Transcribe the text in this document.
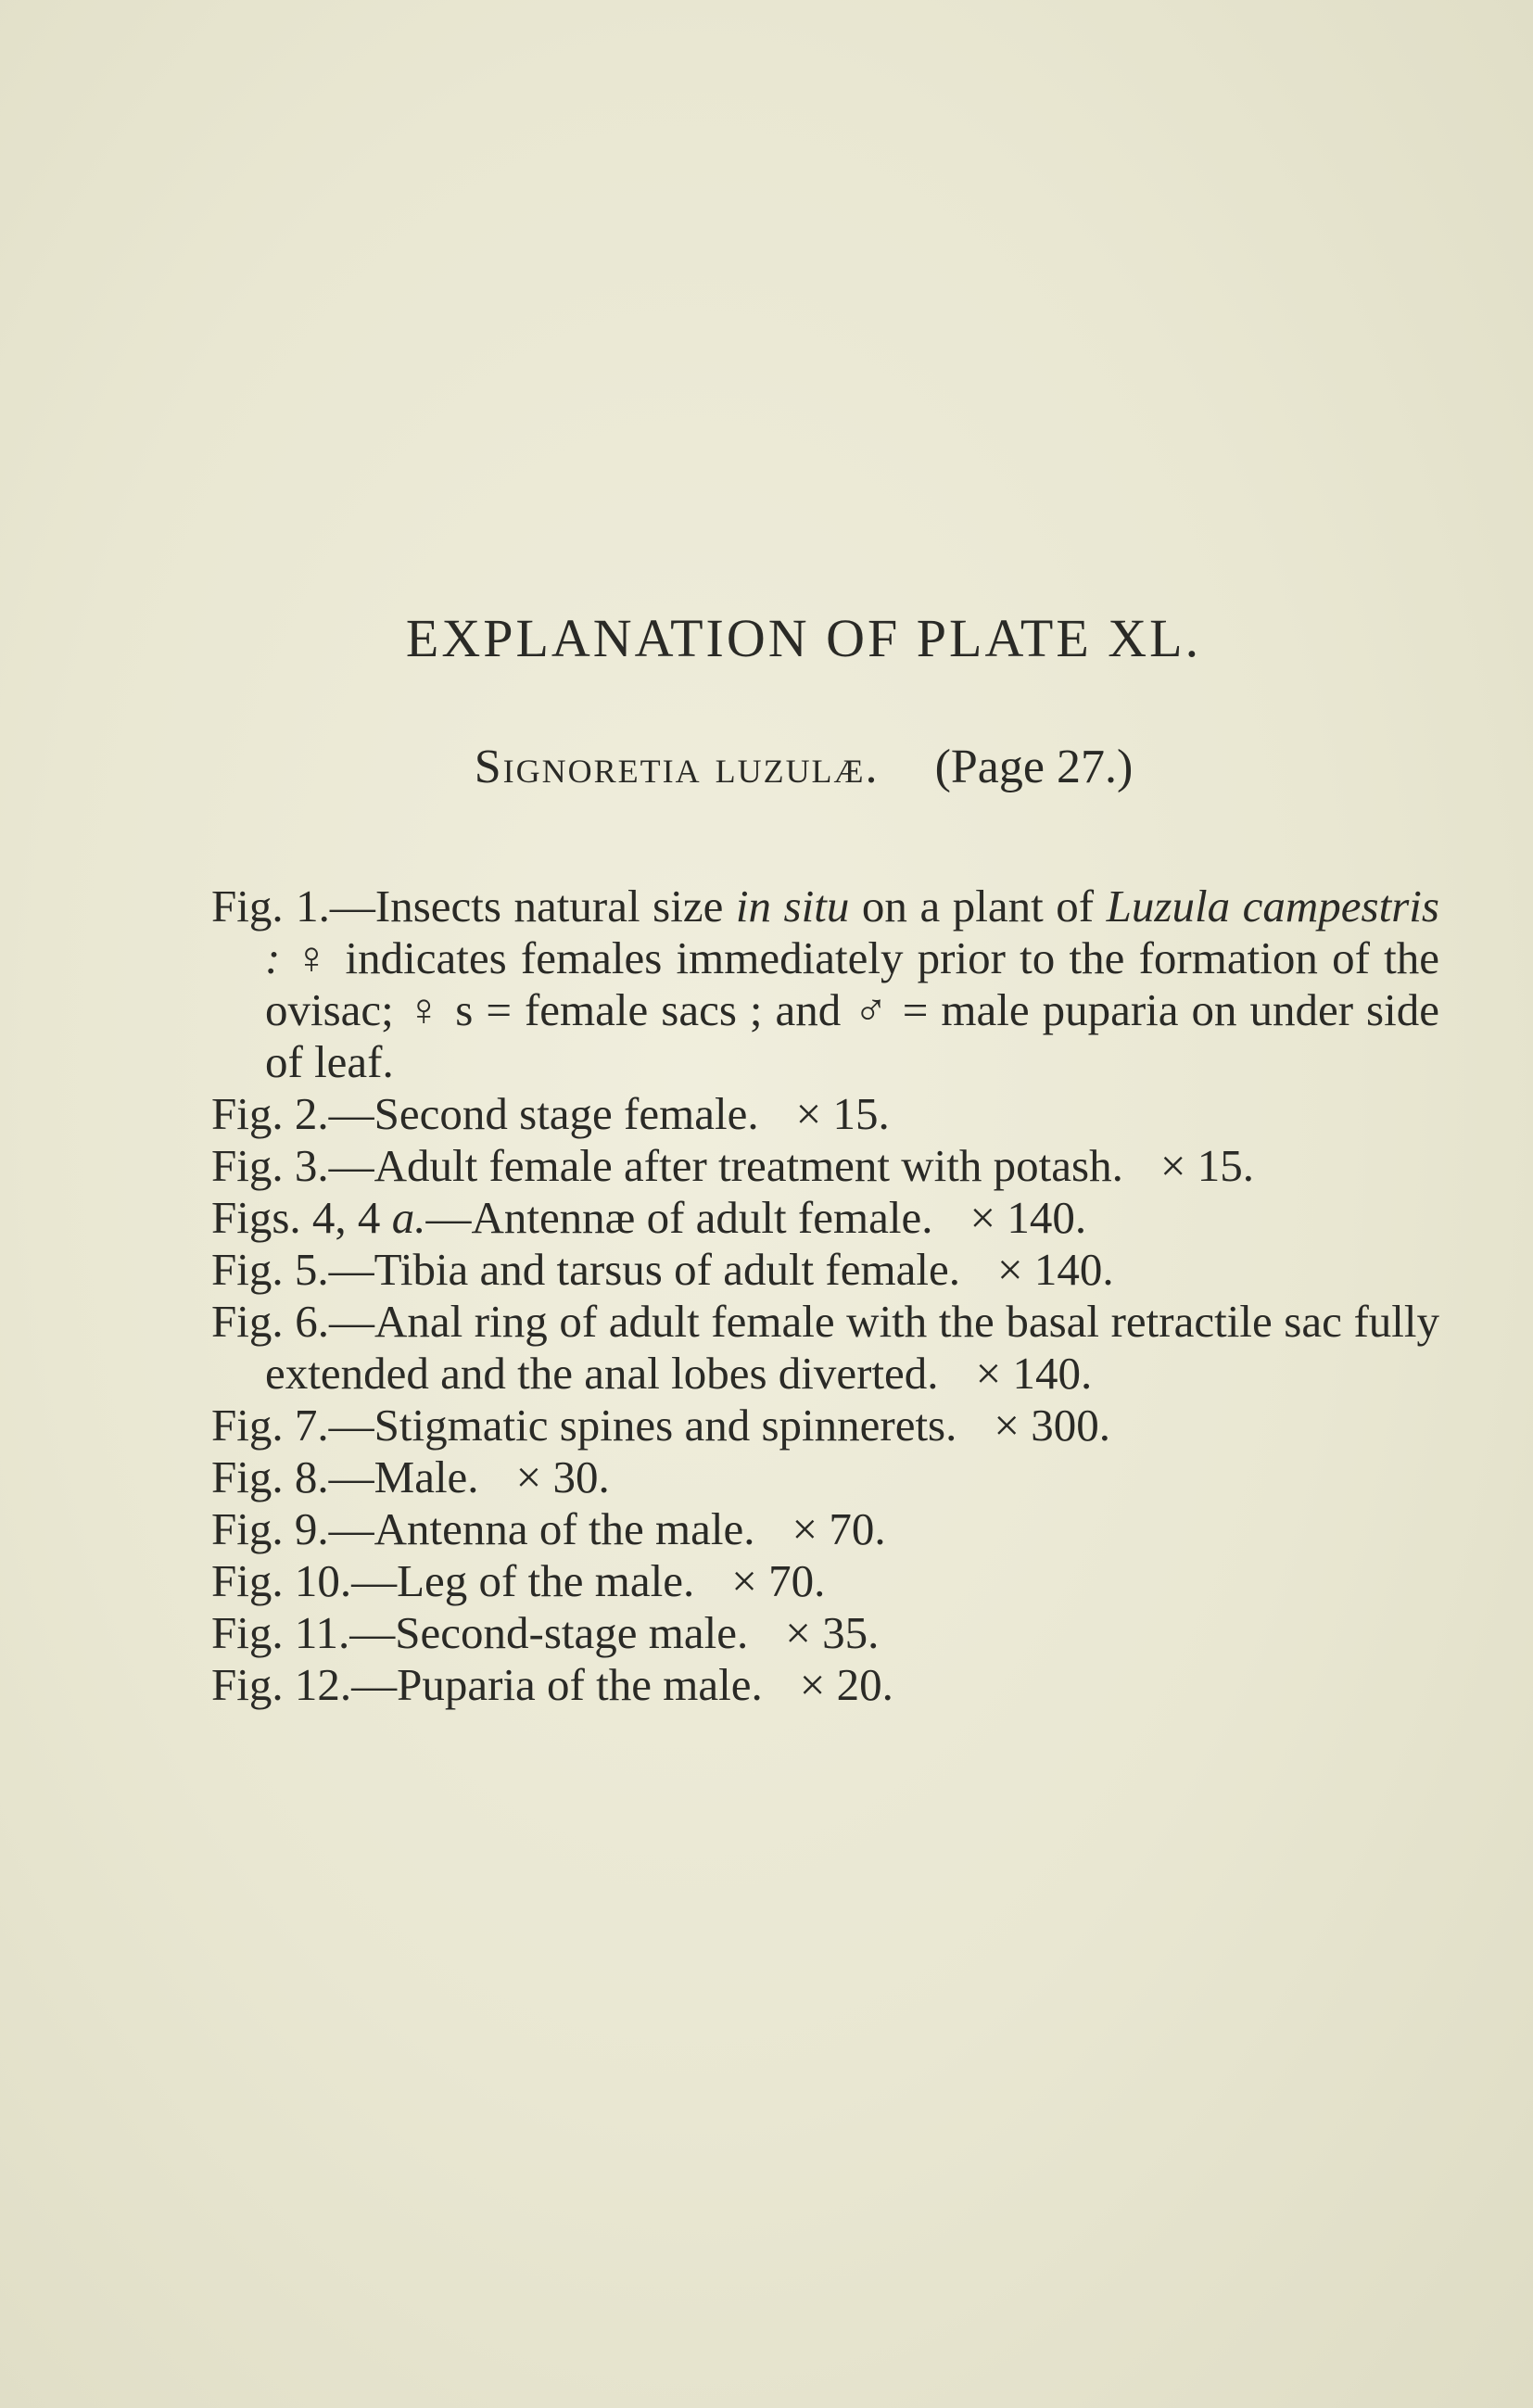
EXPLANATION OF PLATE XL.
Signoretia luzulæ. (Page 27.)

Fig. 1.—Insects natural size in situ on a plant of Luzula campestris : ♀ indicates females immediately prior to the formation of the ovisac; ♀ s = female sacs ; and ♂ = male puparia on under side of leaf.

Fig. 2.—Second stage female. × 15.

Fig. 3.—Adult female after treatment with potash. × 15.

Figs. 4, 4 a.—Antennæ of adult female. × 140.

Fig. 5.—Tibia and tarsus of adult female. × 140.

Fig. 6.—Anal ring of adult female with the basal retractile sac fully extended and the anal lobes diverted. × 140.

Fig. 7.—Stigmatic spines and spinnerets. × 300.

Fig. 8.—Male. × 30.

Fig. 9.—Antenna of the male. × 70.

Fig. 10.—Leg of the male. × 70.

Fig. 11.—Second-stage male. × 35.

Fig. 12.—Puparia of the male. × 20.
